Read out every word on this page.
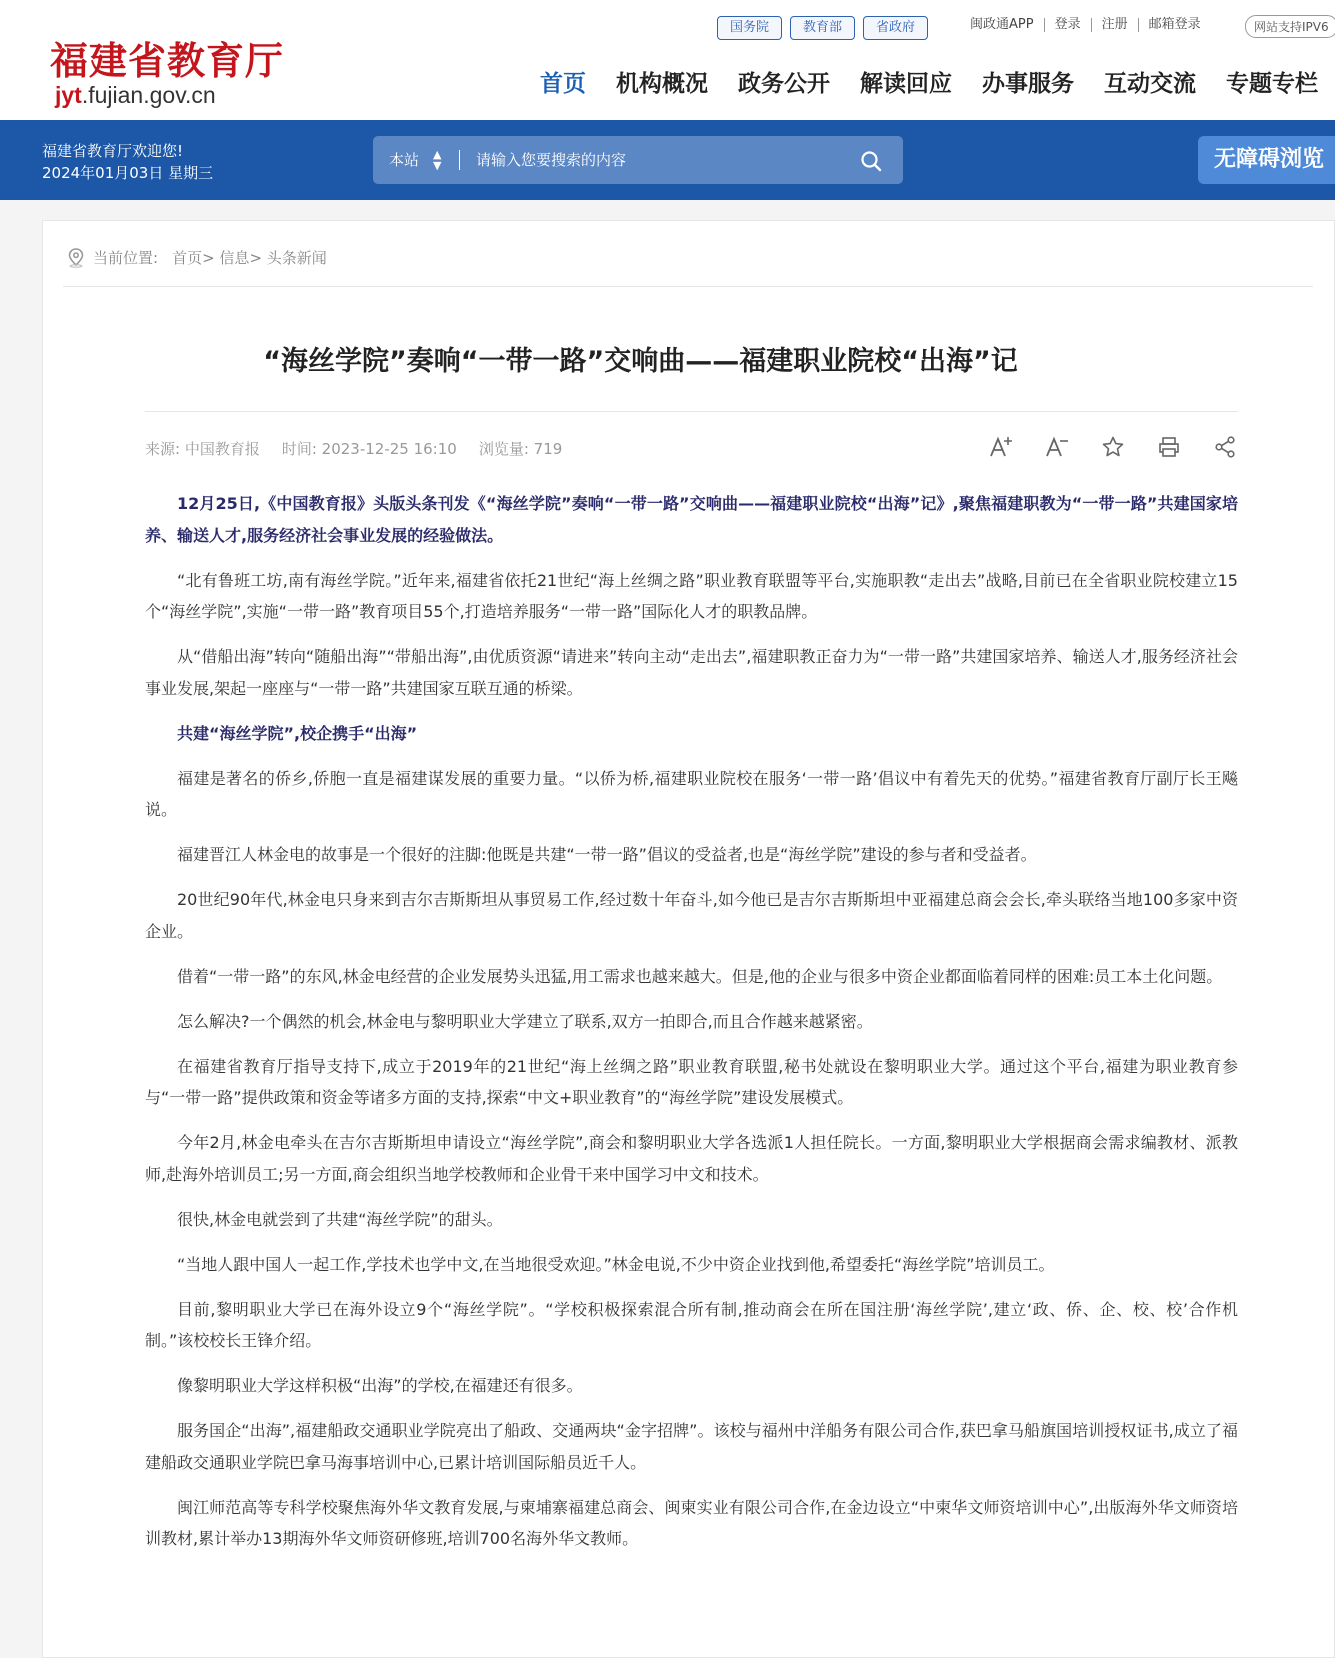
福建省教育厅
jyt.fujian.gov.cn
国务院	教育部	省政府	闽政通APP	登录	注册	邮箱登录	网站支持IPV6
首页 机构概况 政务公开 解读回应 办事服务 互动交流 专题专栏
福建省教育厅欢迎您!
2024年01月03日 星期三
本站 ▲
▼ 请输入您要搜索的内容	无障碍浏览
当前位置: 首页 > 信息 > 头条新闻
“海丝学院”奏响“一带一路”交响曲——福建职业院校“出海”记
来源: 中国教育报 时间: 2023-12-25 16:10 浏览量: 719

12月25日,《中国教育报》头版头条刊发《“海丝学院”奏响“一带一路”交响曲——福建职业院校“出海”记》,聚焦福建职教为“一带一路”共建国家培养、输送人才,服务经济社会事业发展的经验做法。

“北有鲁班工坊,南有海丝学院。”近年来,福建省依托21世纪“海上丝绸之路”职业教育联盟等平台,实施职教“走出去”战略,目前已在全省职业院校建立15个“海丝学院”,实施“一带一路”教育项目55个,打造培养服务“一带一路”国际化人才的职教品牌。

从“借船出海”转向“随船出海”“带船出海”,由优质资源“请进来”转向主动“走出去”,福建职教正奋力为“一带一路”共建国家培养、输送人才,服务经济社会事业发展,架起一座座与“一带一路”共建国家互联互通的桥梁。

共建“海丝学院”,校企携手“出海”

福建是著名的侨乡,侨胞一直是福建谋发展的重要力量。“以侨为桥,福建职业院校在服务‘一带一路’倡议中有着先天的优势。”福建省教育厅副厅长王飚说。

福建晋江人林金电的故事是一个很好的注脚:他既是共建“一带一路”倡议的受益者,也是“海丝学院”建设的参与者和受益者。

20世纪90年代,林金电只身来到吉尔吉斯斯坦从事贸易工作,经过数十年奋斗,如今他已是吉尔吉斯斯坦中亚福建总商会会长,牵头联络当地100多家中资企业。

借着“一带一路”的东风,林金电经营的企业发展势头迅猛,用工需求也越来越大。但是,他的企业与很多中资企业都面临着同样的困难:员工本土化问题。

怎么解决?一个偶然的机会,林金电与黎明职业大学建立了联系,双方一拍即合,而且合作越来越紧密。

在福建省教育厅指导支持下,成立于2019年的21世纪“海上丝绸之路”职业教育联盟,秘书处就设在黎明职业大学。通过这个平台,福建为职业教育参与“一带一路”提供政策和资金等诸多方面的支持,探索“中文+职业教育”的“海丝学院”建设发展模式。

今年2月,林金电牵头在吉尔吉斯斯坦申请设立“海丝学院”,商会和黎明职业大学各选派1人担任院长。一方面,黎明职业大学根据商会需求编教材、派教师,赴海外培训员工;另一方面,商会组织当地学校教师和企业骨干来中国学习中文和技术。

很快,林金电就尝到了共建“海丝学院”的甜头。

“当地人跟中国人一起工作,学技术也学中文,在当地很受欢迎。”林金电说,不少中资企业找到他,希望委托“海丝学院”培训员工。

目前,黎明职业大学已在海外设立9个“海丝学院”。“学校积极探索混合所有制,推动商会在所在国注册‘海丝学院’,建立‘政、侨、企、校、校’合作机制。”该校校长王锋介绍。

像黎明职业大学这样积极“出海”的学校,在福建还有很多。

服务国企“出海”,福建船政交通职业学院亮出了船政、交通两块“金字招牌”。该校与福州中洋船务有限公司合作,获巴拿马船旗国培训授权证书,成立了福建船政交通职业学院巴拿马海事培训中心,已累计培训国际船员近千人。

闽江师范高等专科学校聚焦海外华文教育发展,与柬埔寨福建总商会、闽柬实业有限公司合作,在金边设立“中柬华文师资培训中心”,出版海外华文师资培训教材,累计举办13期海外华文师资研修班,培训700名海外华文教师。
